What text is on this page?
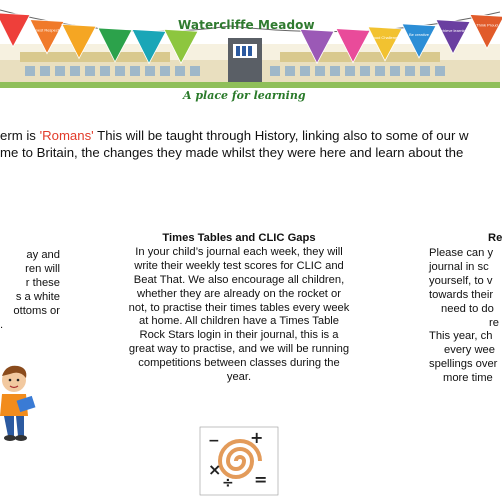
Honest Respected
Good Challenge
Be creative
Achieve learning
Think Proud
Watercliffe Meadow
A place for learning
erm is 'Romans' This will be taught through History, linking also to some of our w
me to Britain, the changes they made whilst they were here and learn about the
ay and
ren will
r these
s a white
ottoms or
.
Times Tables and CLIC Gaps
In your child’s journal each week, they will
write their weekly test scores for CLIC and
Beat That. We also encourage all children,
whether they are already on the rocket or
not, to practise their times tables every week
at home. All children have a Times Table
Rock Stars login in their journal, this is a
great way to practise, and we will be running
competitions between classes during the
year.
Re
Please can y
journal in sc
yourself, to v
towards their
need to do
re
This year, ch
every wee
spellings over
more time
− +
×
÷ =
